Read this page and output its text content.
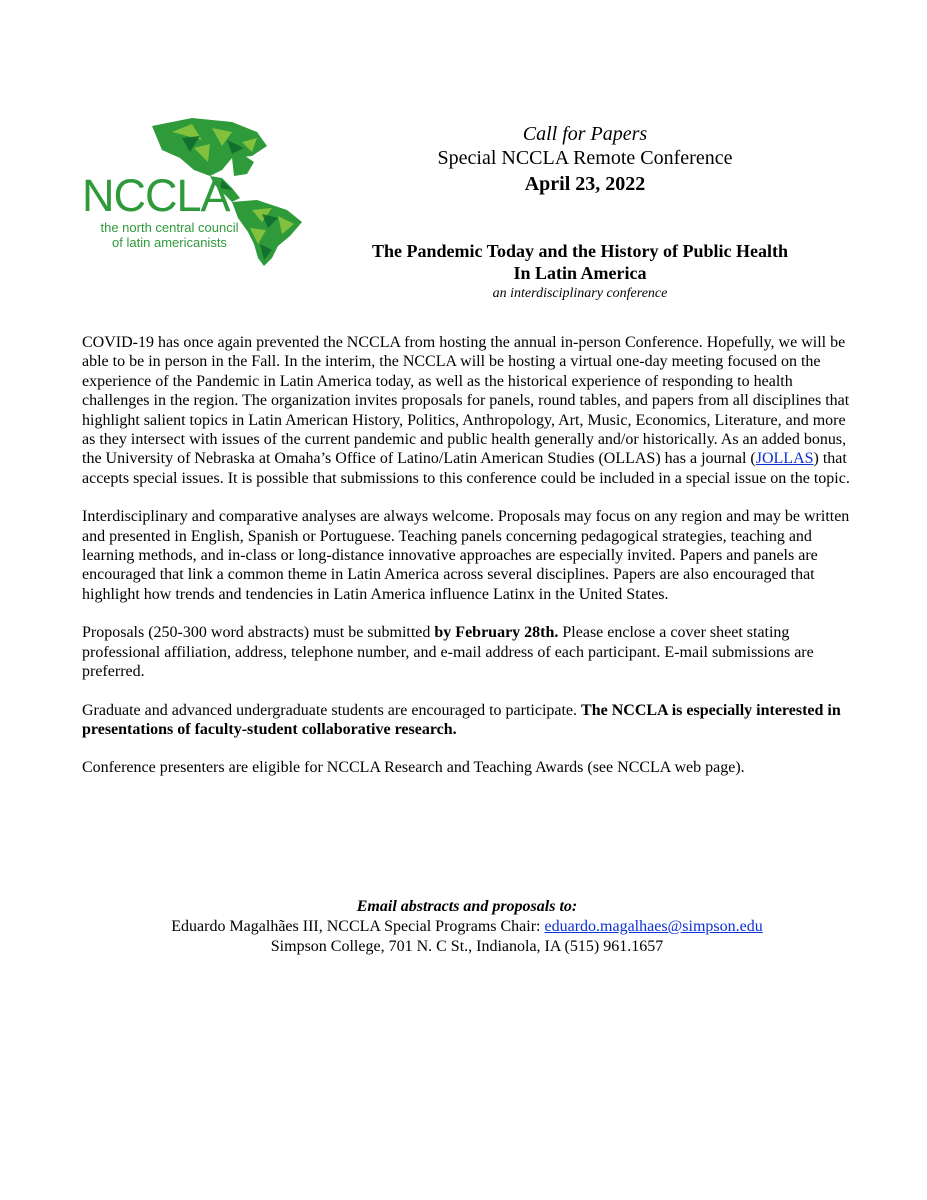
NCCLA
the north central council
of latin americanists
Call for Papers
Special NCCLA Remote Conference
April 23, 2022
The Pandemic Today and the History of Public Health
In Latin America
an interdisciplinary conference

COVID-19 has once again prevented the NCCLA from hosting the annual in-person Conference. Hopefully, we will be able to be in person in the Fall. In the interim, the NCCLA will be hosting a virtual one-day meeting focused on the experience of the Pandemic in Latin America today, as well as the historical experience of responding to health challenges in the region. The organization invites proposals for panels, round tables, and papers from all disciplines that highlight salient topics in Latin American History, Politics, Anthropology, Art, Music, Economics, Literature, and more as they intersect with issues of the current pandemic and public health generally and/or historically. As an added bonus, the University of Nebraska at Omaha’s Office of Latino/Latin American Studies (OLLAS) has a journal (JOLLAS) that accepts special issues. It is possible that submissions to this conference could be included in a special issue on the topic.

Interdisciplinary and comparative analyses are always welcome. Proposals may focus on any region and may be written and presented in English, Spanish or Portuguese. Teaching panels concerning pedagogical strategies, teaching and learning methods, and in-class or long-distance innovative approaches are especially invited. Papers and panels are encouraged that link a common theme in Latin America across several disciplines. Papers are also encouraged that highlight how trends and tendencies in Latin America influence Latinx in the United States.

Proposals (250-300 word abstracts) must be submitted by February 28th. Please enclose a cover sheet stating professional affiliation, address, telephone number, and e-mail address of each participant. E-mail submissions are preferred.

Graduate and advanced undergraduate students are encouraged to participate. The NCCLA is especially interested in presentations of faculty-student collaborative research.

Conference presenters are eligible for NCCLA Research and Teaching Awards (see NCCLA web page).

Email abstracts and proposals to:
Eduardo Magalhães III, NCCLA Special Programs Chair: eduardo.magalhaes@simpson.edu
Simpson College, 701 N. C St., Indianola, IA (515) 961.1657
